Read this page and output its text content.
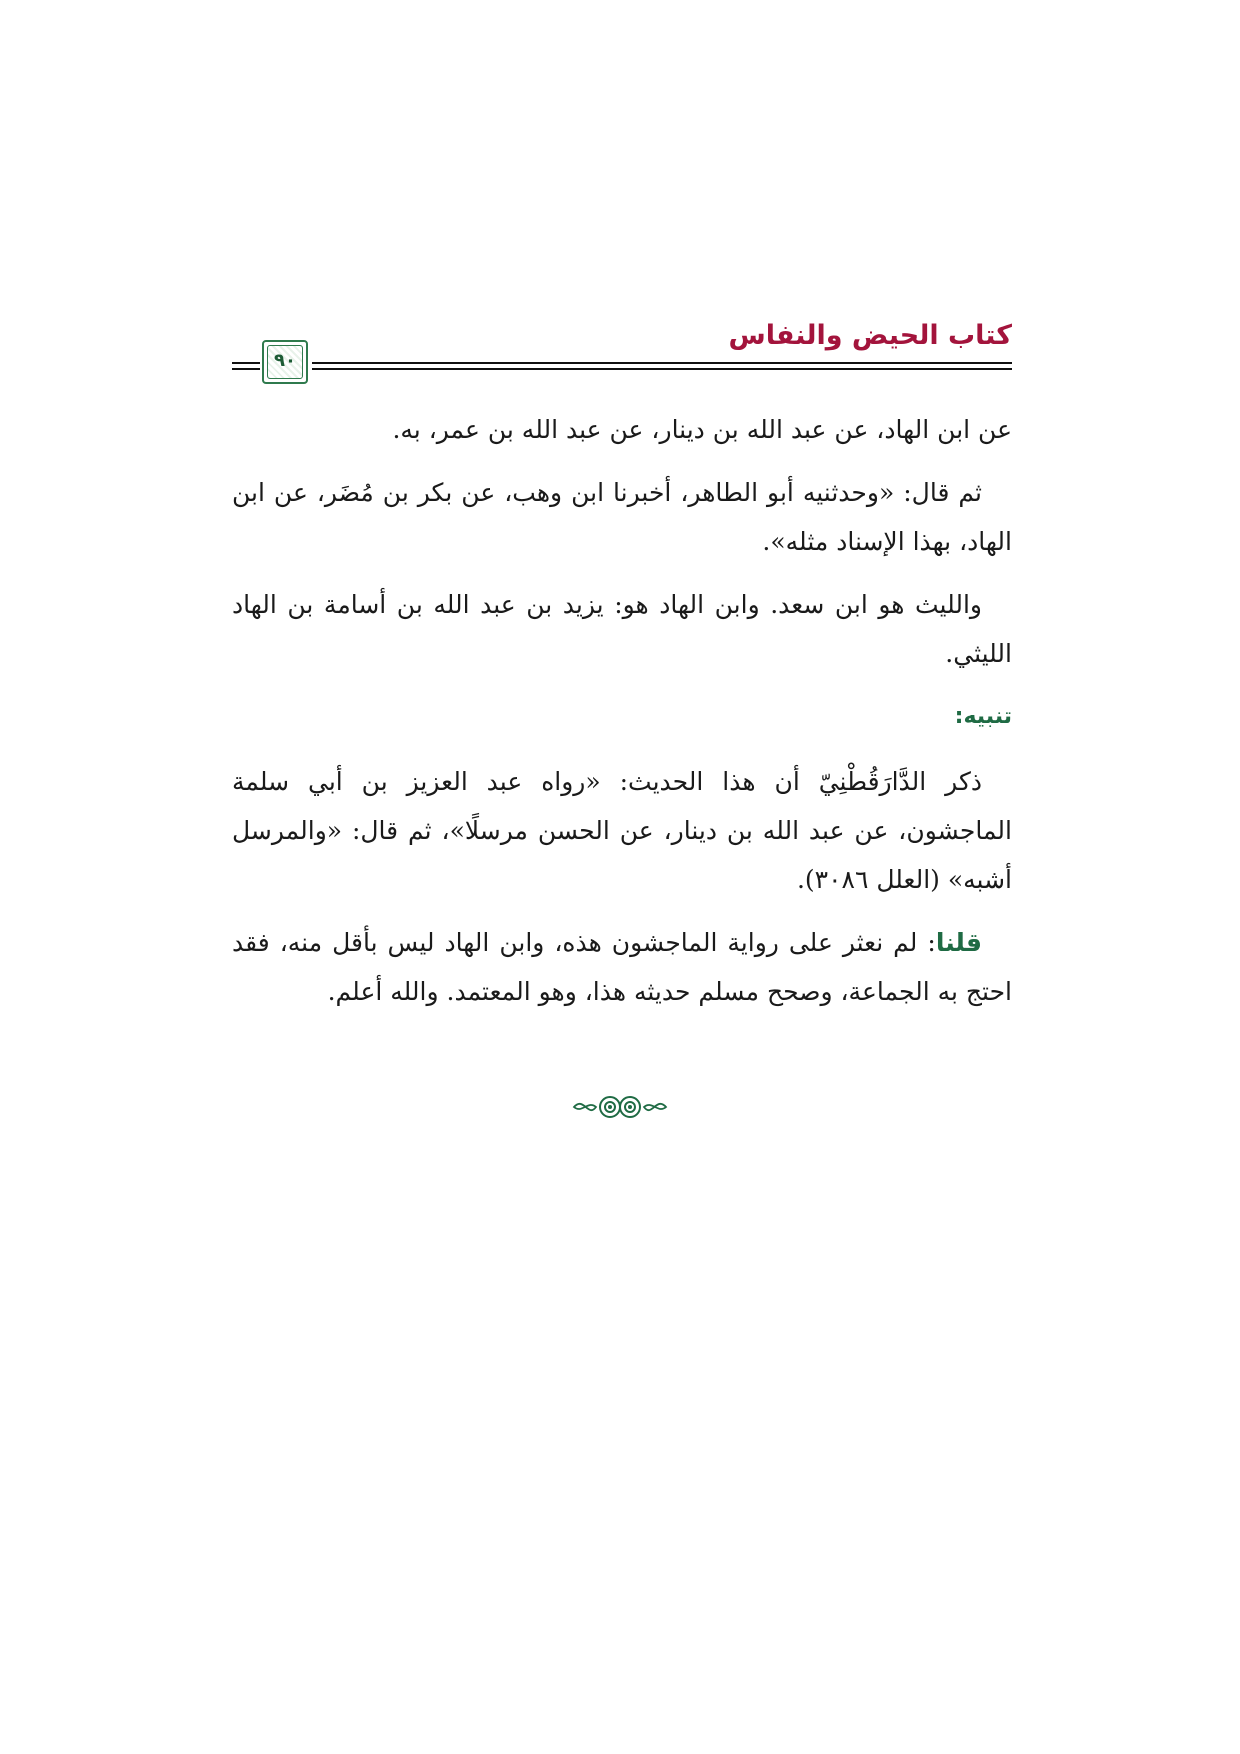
كتاب الحيض والنفاس
٩٠

عن ابن الهاد، عن عبد الله بن دينار، عن عبد الله بن عمر، به.

ثم قال: «وحدثنيه أبو الطاهر، أخبرنا ابن وهب، عن بكر بن مُضَر، عن ابن الهاد، بهذا الإسناد مثله».

والليث هو ابن سعد. وابن الهاد هو: يزيد بن عبد الله بن أسامة بن الهاد الليثي.

تنبيه:

ذكر الدَّارَقُطْنِيّ أن هذا الحديث: «رواه عبد العزيز بن أبي سلمة الماجشون، عن عبد الله بن دينار، عن الحسن مرسلًا»، ثم قال: «والمرسل أشبه» (العلل ٣٠٨٦).

قلنا: لم نعثر على رواية الماجشون هذه، وابن الهاد ليس بأقل منه، فقد احتج به الجماعة، وصحح مسلم حديثه هذا، وهو المعتمد. والله أعلم.
